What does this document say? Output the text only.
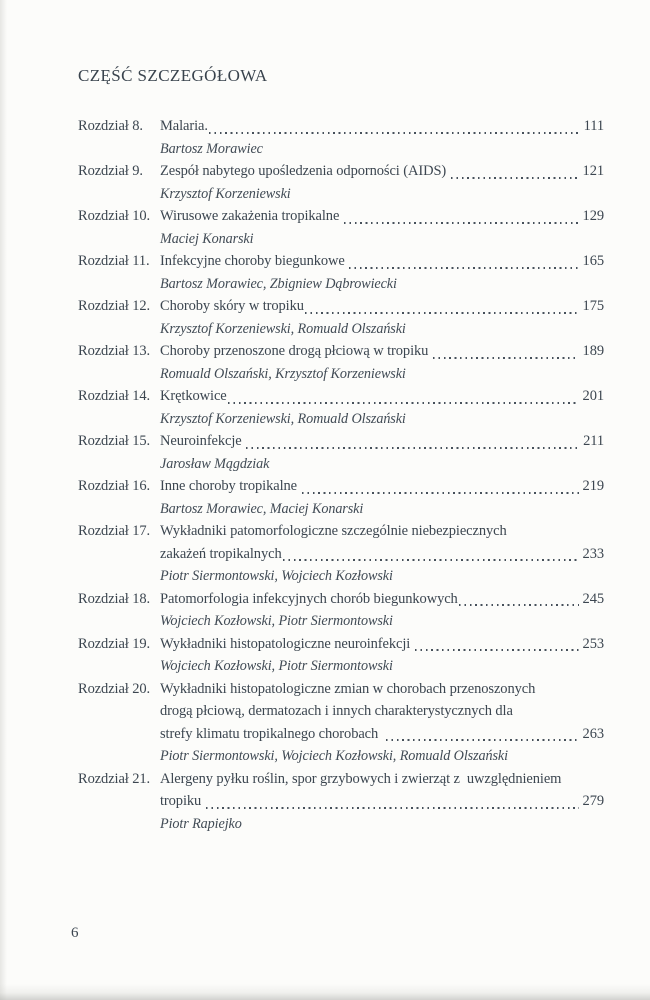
CZĘŚĆ SZCZEGÓŁOWA
Rozdział 8.	Malaria.	111
Bartosz Morawiec
Rozdział 9.	Zespół nabytego upośledzenia odporności (AIDS)	121
Krzysztof Korzeniewski
Rozdział 10. Wirusowe zakażenia tropikalne	129
Maciej Konarski
Rozdział 11. Infekcyjne choroby biegunkowe	165
Bartosz Morawiec, Zbigniew Dąbrowiecki
Rozdział 12. Choroby skóry w tropiku	175
Krzysztof Korzeniewski, Romuald Olszański
Rozdział 13. Choroby przenoszone drogą płciową w tropiku	189
Romuald Olszański, Krzysztof Korzeniewski
Rozdział 14. Krętkowice	201
Krzysztof Korzeniewski, Romuald Olszański
Rozdział 15. Neuroinfekcje	211
Jarosław Mągdziak
Rozdział 16. Inne choroby tropikalne	219
Bartosz Morawiec, Maciej Konarski
Rozdział 17. Wykładniki patomorfologiczne szczególnie niebezpiecznych
zakażeń tropikalnych	233
Piotr Siermontowski, Wojciech Kozłowski
Rozdział 18. Patomorfologia infekcyjnych chorób biegunkowych	245
Wojciech Kozłowski, Piotr Siermontowski
Rozdział 19. Wykładniki histopatologiczne neuroinfekcji	253
Wojciech Kozłowski, Piotr Siermontowski
Rozdział 20. Wykładniki histopatologiczne zmian w chorobach przenoszonych
drogą płciową, dermatozach i innych charakterystycznych dla
strefy klimatu tropikalnego chorobach	263
Piotr Siermontowski, Wojciech Kozłowski, Romuald Olszański
Rozdział 21. Alergeny pyłku roślin, spor grzybowych i zwierząt z  uwzględnieniem
tropiku	279
Piotr Rapiejko
6
